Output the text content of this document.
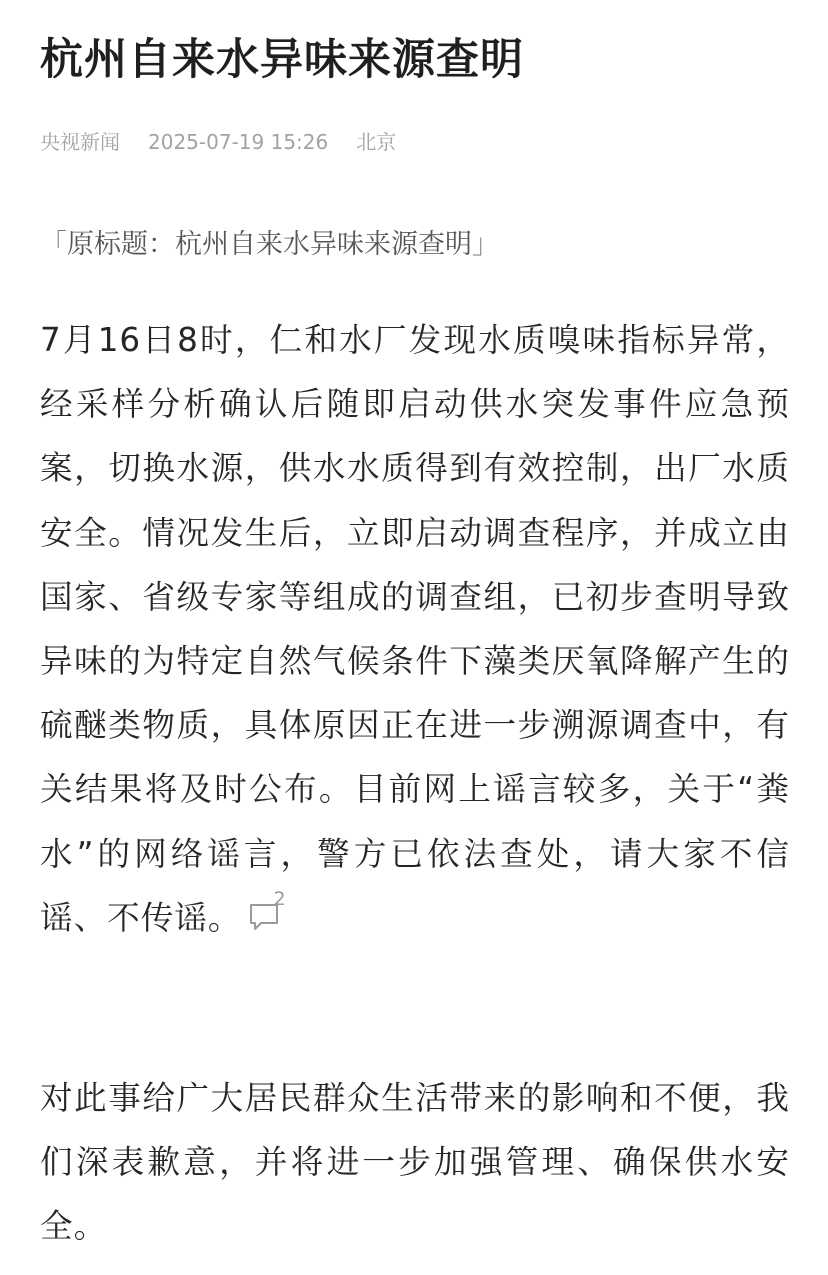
杭州自来水异味来源查明
央视新闻 2025-07-19 15:26 北京
「原标题：杭州自来水异味来源查明」
7月16日8时，仁和水厂发现水质嗅味指标异常，经采样分析确认后随即启动供水突发事件应急预案，切换水源，供水水质得到有效控制，出厂水质安全。情况发生后，立即启动调查程序，并成立由国家、省级专家等组成的调查组，已初步查明导致异味的为特定自然气候条件下藻类厌氧降解产生的硫醚类物质，具体原因正在进一步溯源调查中，有关结果将及时公布。目前网上谣言较多，关于“粪水”的网络谣言，警方已依法查处，请大家不信谣、不传谣。 2
对此事给广大居民群众生活带来的影响和不便，我们深表歉意，并将进一步加强管理、确保供水安全。
